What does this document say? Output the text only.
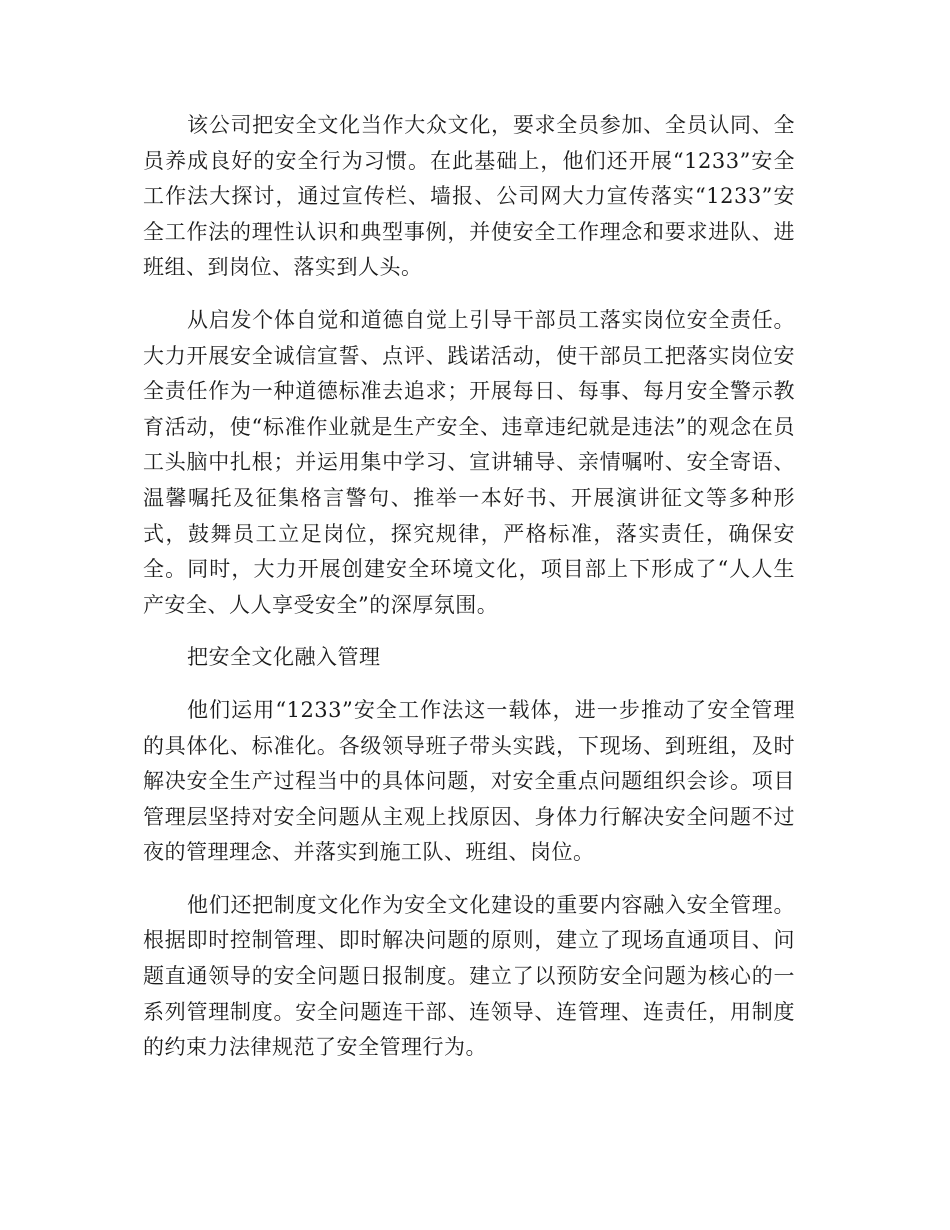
该公司把安全文化当作大众文化，要求全员参加、全员认同、全员养成良好的安全行为习惯。在此基础上，他们还开展“1233”安全工作法大探讨，通过宣传栏、墙报、公司网大力宣传落实“1233”安全工作法的理性认识和典型事例，并使安全工作理念和要求进队、进班组、到岗位、落实到人头。

从启发个体自觉和道德自觉上引导干部员工落实岗位安全责任。大力开展安全诚信宣誓、点评、践诺活动，使干部员工把落实岗位安全责任作为一种道德标准去追求；开展每日、每事、每月安全警示教育活动，使“标准作业就是生产安全、违章违纪就是违法”的观念在员工头脑中扎根；并运用集中学习、宣讲辅导、亲情嘱咐、安全寄语、温馨嘱托及征集格言警句、推举一本好书、开展演讲征文等多种形式，鼓舞员工立足岗位，探究规律，严格标准，落实责任，确保安全。同时，大力开展创建安全环境文化，项目部上下形成了“人人生产安全、人人享受安全”的深厚氛围。

把安全文化融入管理

他们运用“1233”安全工作法这一载体，进一步推动了安全管理的具体化、标准化。各级领导班子带头实践，下现场、到班组，及时解决安全生产过程当中的具体问题，对安全重点问题组织会诊。项目管理层坚持对安全问题从主观上找原因、身体力行解决安全问题不过夜的管理理念、并落实到施工队、班组、岗位。

他们还把制度文化作为安全文化建设的重要内容融入安全管理。根据即时控制管理、即时解决问题的原则，建立了现场直通项目、问题直通领导的安全问题日报制度。建立了以预防安全问题为核心的一系列管理制度。安全问题连干部、连领导、连管理、连责任，用制度的约束力法律规范了安全管理行为。
